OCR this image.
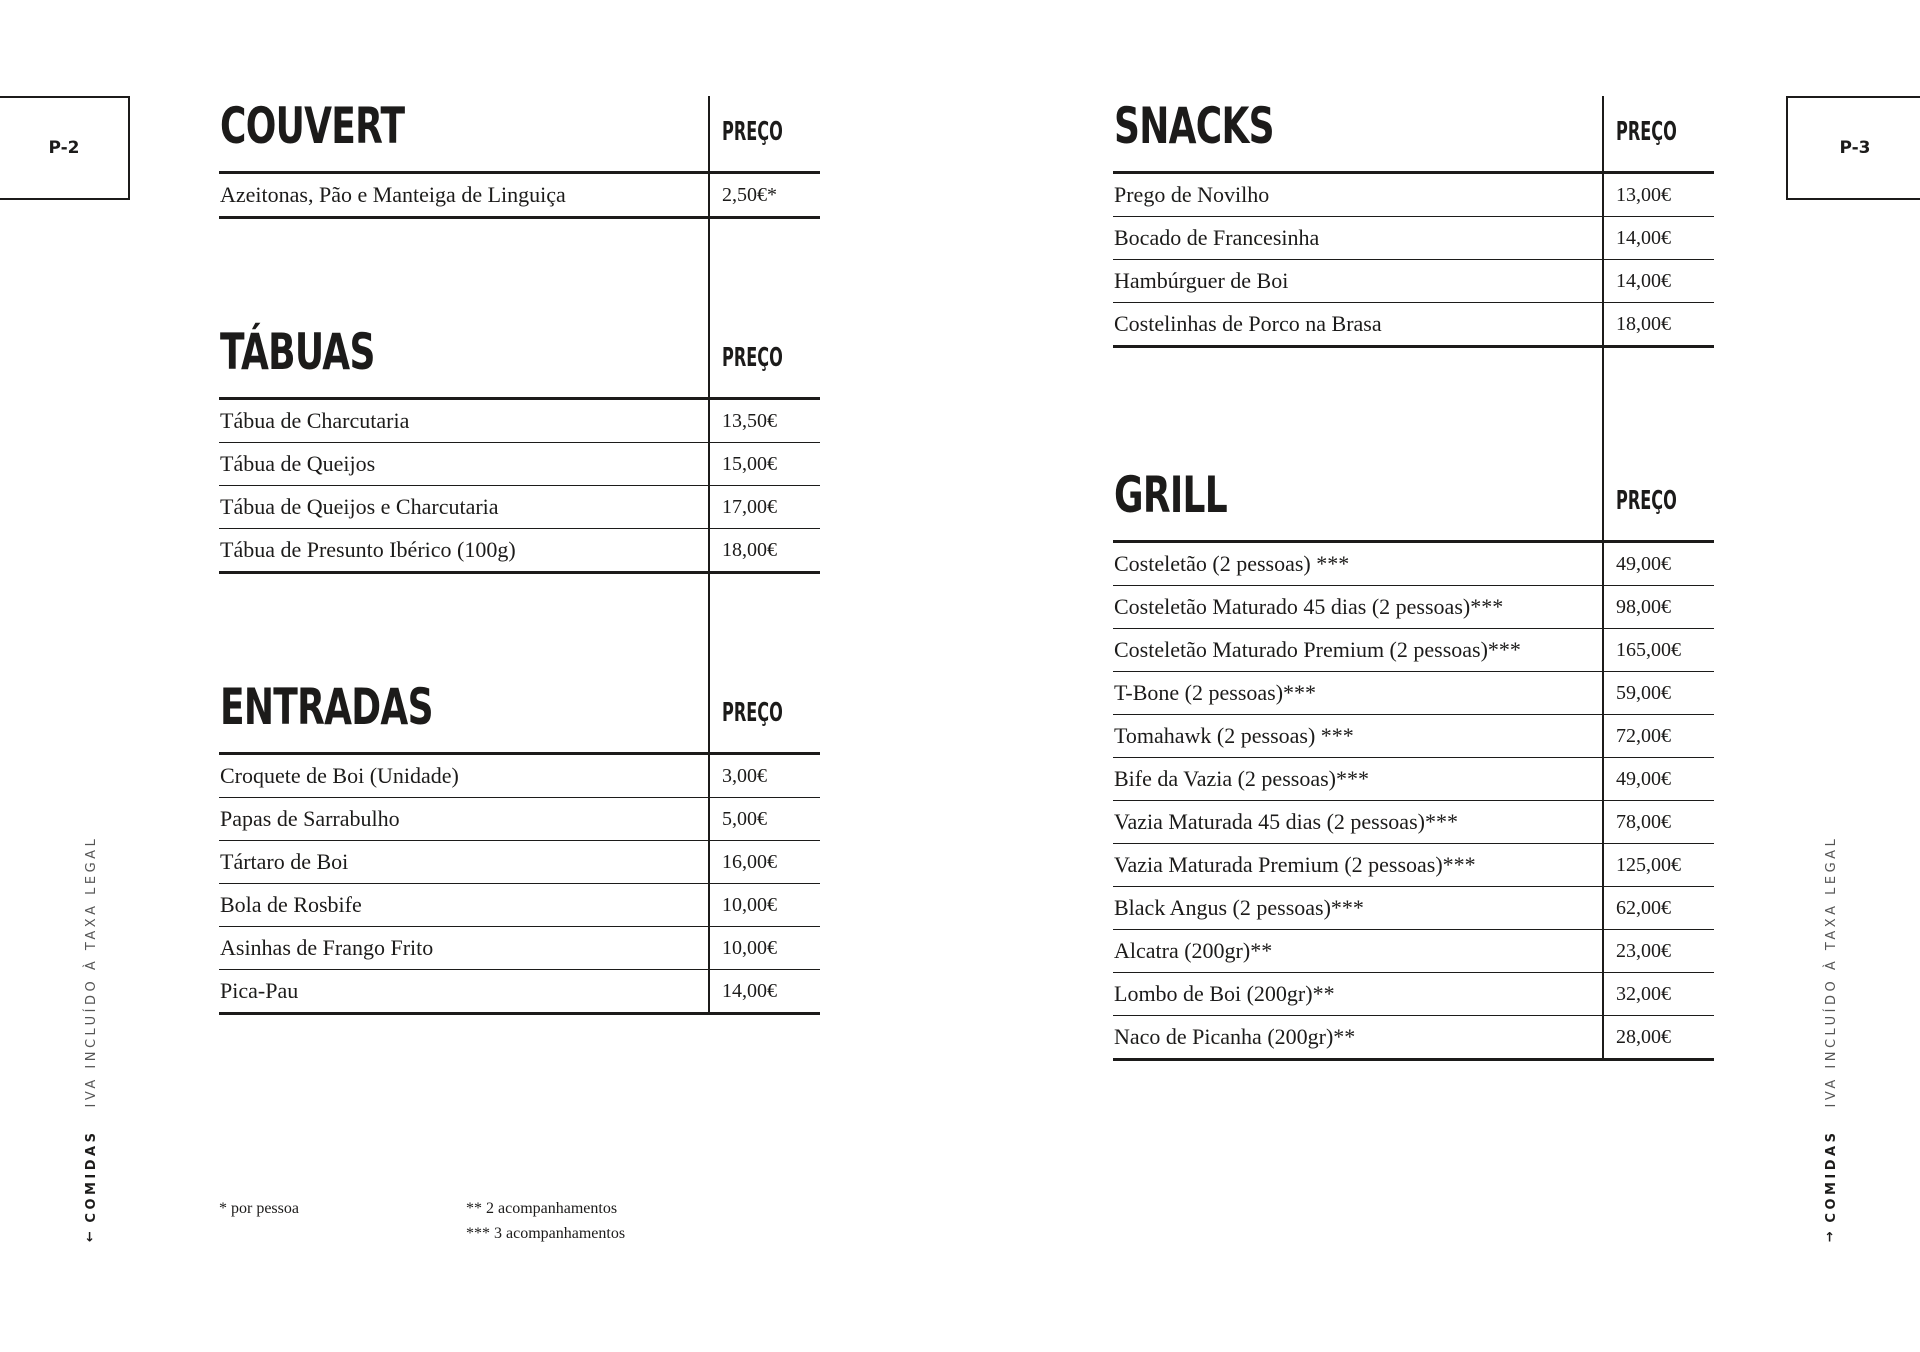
P-2	P-3
↓
COMIDAS
IVA INCLUÍDO À TAXA LEGAL
↑
COMIDAS
IVA INCLUÍDO À TAXA LEGAL
COUVERT	PREÇO
Azeitonas, Pão e Manteiga de Linguiça	2,50€*

TÁBUAS	PREÇO
Tábua de Charcutaria	13,50€
Tábua de Queijos	15,00€
Tábua de Queijos e Charcutaria	17,00€
Tábua de Presunto Ibérico (100g)	18,00€

ENTRADAS	PREÇO
Croquete de Boi (Unidade)	3,00€
Papas de Sarrabulho	5,00€
Tártaro de Boi	16,00€
Bola de Rosbife	10,00€
Asinhas de Frango Frito	10,00€
Pica-Pau	14,00€
SNACKS	PREÇO
Prego de Novilho	13,00€
Bocado de Francesinha	14,00€
Hambúrguer de Boi	14,00€
Costelinhas de Porco na Brasa	18,00€

GRILL	PREÇO
Costeletão (2 pessoas) ***	49,00€
Costeletão Maturado 45 dias (2 pessoas)***	98,00€
Costeletão Maturado Premium (2 pessoas)***	165,00€
T-Bone (2 pessoas)***	59,00€
Tomahawk (2 pessoas) ***	72,00€
Bife da Vazia (2 pessoas)***	49,00€
Vazia Maturada 45 dias (2 pessoas)***	78,00€
Vazia Maturada Premium (2 pessoas)***	125,00€
Black Angus (2 pessoas)***	62,00€
Alcatra (200gr)**	23,00€
Lombo de Boi (200gr)**	32,00€
Naco de Picanha (200gr)**	28,00€
* por pessoa	** 2 acompanhamentos
*** 3 acompanhamentos
